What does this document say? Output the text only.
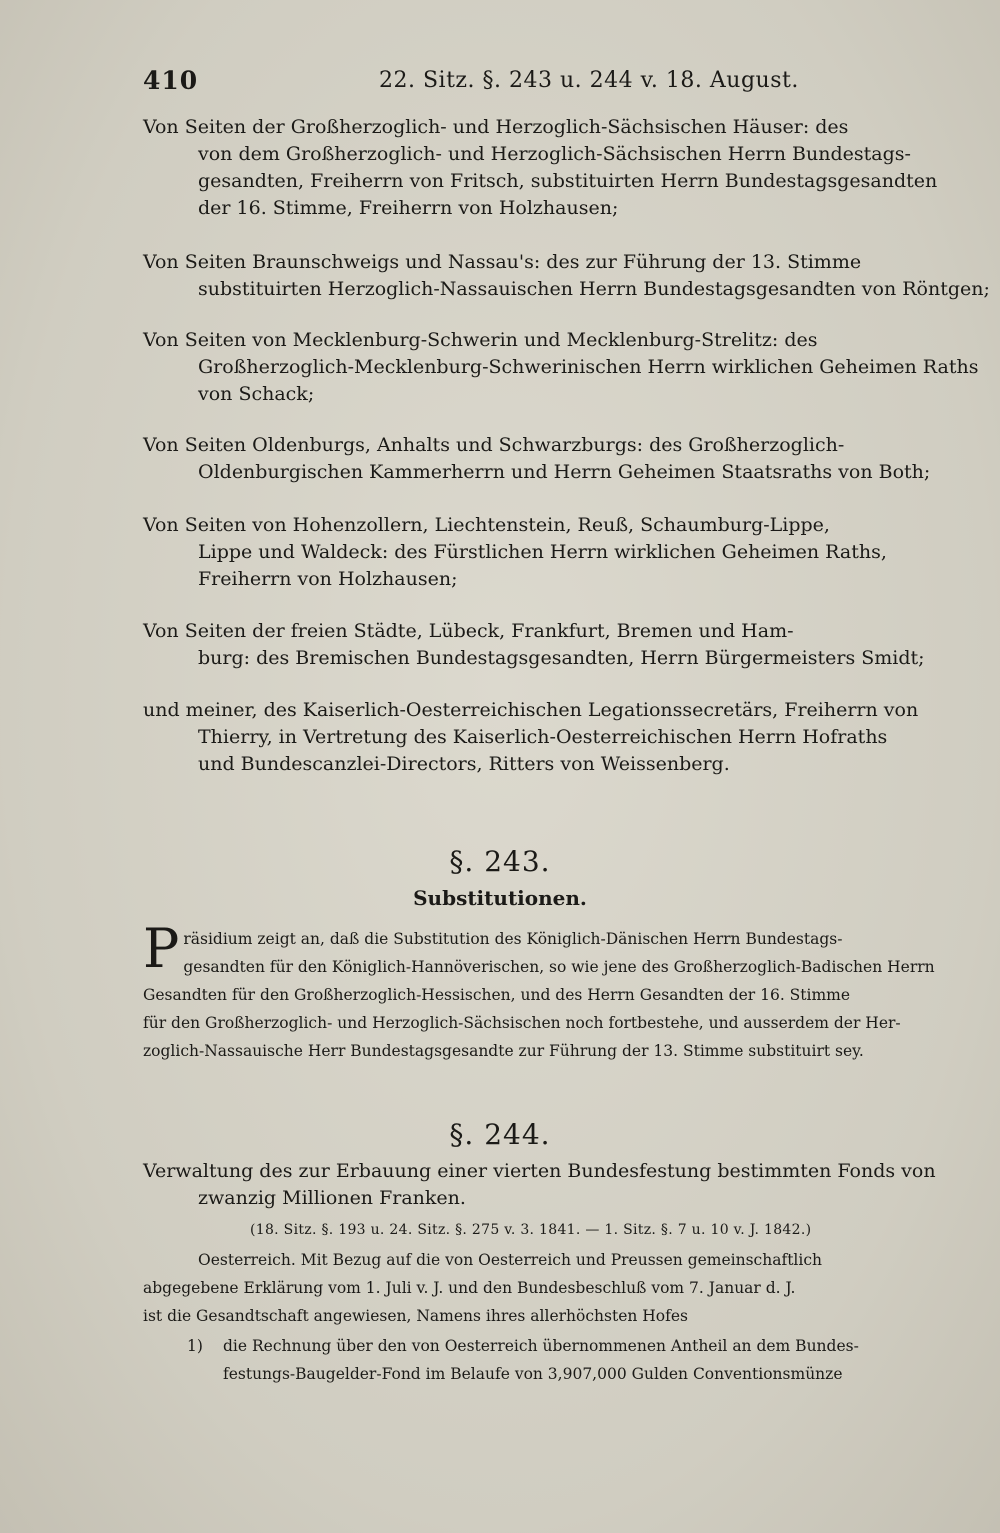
410	22. Sitz. §. 243 u. 244 v. 18. August.
Von Seiten der Großherzoglich- und Herzoglich-Sächsischen Häuser: des
von dem Großherzoglich- und Herzoglich-Sächsischen Herrn Bundestags-
gesandten, Freiherrn von Fritsch, substituirten Herrn Bundestagsgesandten
der 16. Stimme, Freiherrn von Holzhausen;
Von Seiten Braunschweigs und Nassau's: des zur Führung der 13. Stimme
substituirten Herzoglich-Nassauischen Herrn Bundestagsgesandten von Röntgen;
Von Seiten von Mecklenburg-Schwerin und Mecklenburg-Strelitz: des
Großherzoglich-Mecklenburg-Schwerinischen Herrn wirklichen Geheimen Raths
von Schack;
Von Seiten Oldenburgs, Anhalts und Schwarzburgs: des Großherzoglich-
Oldenburgischen Kammerherrn und Herrn Geheimen Staatsraths von Both;
Von Seiten von Hohenzollern, Liechtenstein, Reuß, Schaumburg-Lippe,
Lippe und Waldeck: des Fürstlichen Herrn wirklichen Geheimen Raths,
Freiherrn von Holzhausen;
Von Seiten der freien Städte, Lübeck, Frankfurt, Bremen und Ham-
burg: des Bremischen Bundestagsgesandten, Herrn Bürgermeisters Smidt;
und meiner, des Kaiserlich-Oesterreichischen Legationssecretärs, Freiherrn von
Thierry, in Vertretung des Kaiserlich-Oesterreichischen Herrn Hofraths
und Bundescanzlei-Directors, Ritters von Weissenberg.
§. 243.
Substitutionen.
P räsidium zeigt an, daß die Substitution des Königlich-Dänischen Herrn Bundestags-
gesandten für den Königlich-Hannöverischen, so wie jene des Großherzoglich-Badischen Herrn
Gesandten für den Großherzoglich-Hessischen, und des Herrn Gesandten der 16. Stimme
für den Großherzoglich- und Herzoglich-Sächsischen noch fortbestehe, und ausserdem der Her-
zoglich-Nassauische Herr Bundestagsgesandte zur Führung der 13. Stimme substituirt sey.
§. 244.
Verwaltung des zur Erbauung einer vierten Bundesfestung bestimmten Fonds von
zwanzig Millionen Franken.
(18. Sitz. §. 193 u. 24. Sitz. §. 275 v. 3. 1841. — 1. Sitz. §. 7 u. 10 v. J. 1842.)
Oesterreich. Mit Bezug auf die von Oesterreich und Preussen gemeinschaftlich
abgegebene Erklärung vom 1. Juli v. J. und den Bundesbeschluß vom 7. Januar d. J.
ist die Gesandtschaft angewiesen, Namens ihres allerhöchsten Hofes
1) die Rechnung über den von Oesterreich übernommenen Antheil an dem Bundes-
festungs-Baugelder-Fond im Belaufe von 3,907,000 Gulden Conventionsmünze
